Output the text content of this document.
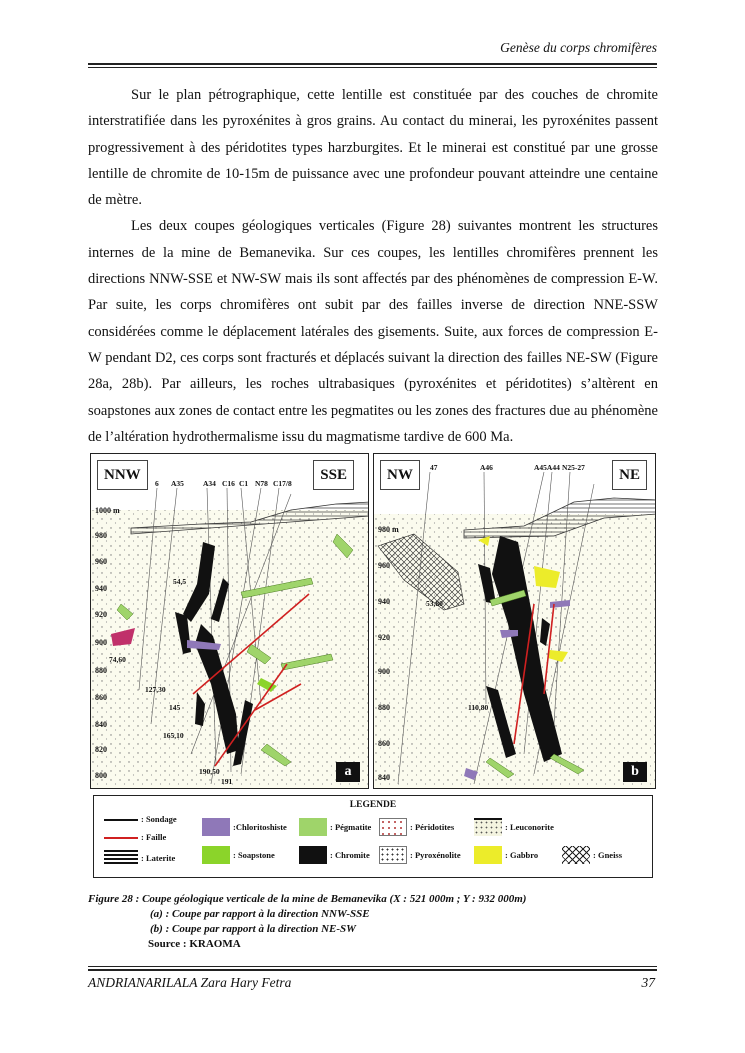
Genèse du corps chromifères

Sur le plan pétrographique, cette lentille est constituée par des couches de chromite interstratifiée dans les pyroxénites à gros grains. Au contact du minerai, les pyroxénites passent progressivement à des péridotites types harzburgites. Et le minerai est constitué par une grosse lentille de chromite de 10-15m de puissance avec une profondeur pouvant atteindre une centaine de mètre.

Les deux coupes géologiques verticales (Figure 28) suivantes montrent les structures internes de la mine de Bemanevika. Sur ces coupes, les lentilles chromifères prennent les directions NNW-SSE et NW-SW mais ils sont affectés par des phénomènes de compression E-W. Par suite, les corps chromifères ont subit par des failles inverse de direction NNE-SSW considérées comme le déplacement latérales des gisements. Suite, aux forces de compression E-W pendant D2, ces corps sont fracturés et déplacés suivant la direction des failles NE-SW (Figure 28a, 28b). Par ailleurs, les roches ultrabasiques (pyroxénites et péridotites) s’altèrent en soapstones aux zones de contact entre les pegmatites ou les zones des fractures due au phénomène de l’altération hydrothermalisme issu du magmatisme tardive de 600 Ma.

1000 m
980
960
940
920
900
880
860
840
820
800
54,5
74,60
127,30
145
165,10
190,50
191
6 A35	A34 C16 C1 N78 C17/8
NNW	SSE
a
980 m
960
940
920
900
880
860
840
53,80
110,80
47	A46	A45A44 N25-27
NW	NE
b
LEGENDE
: Sondage
: Faille
: Laterite
:Chloritoshiste
: Soapstone
: Pégmatite
: Chromite
: Péridotites
: Pyroxénolite
: Leuconorite
: Gabbro	: Gneiss
Figure 28 : Coupe géologique verticale de la mine de Bemanevika (X : 521 000m ; Y : 932 000m)
(a) : Coupe par rapport à la direction NNW-SSE
(b) : Coupe par rapport à la direction NE-SW
Source : KRAOMA
ANDRIANARILALA Zara Hary Fetra	37
